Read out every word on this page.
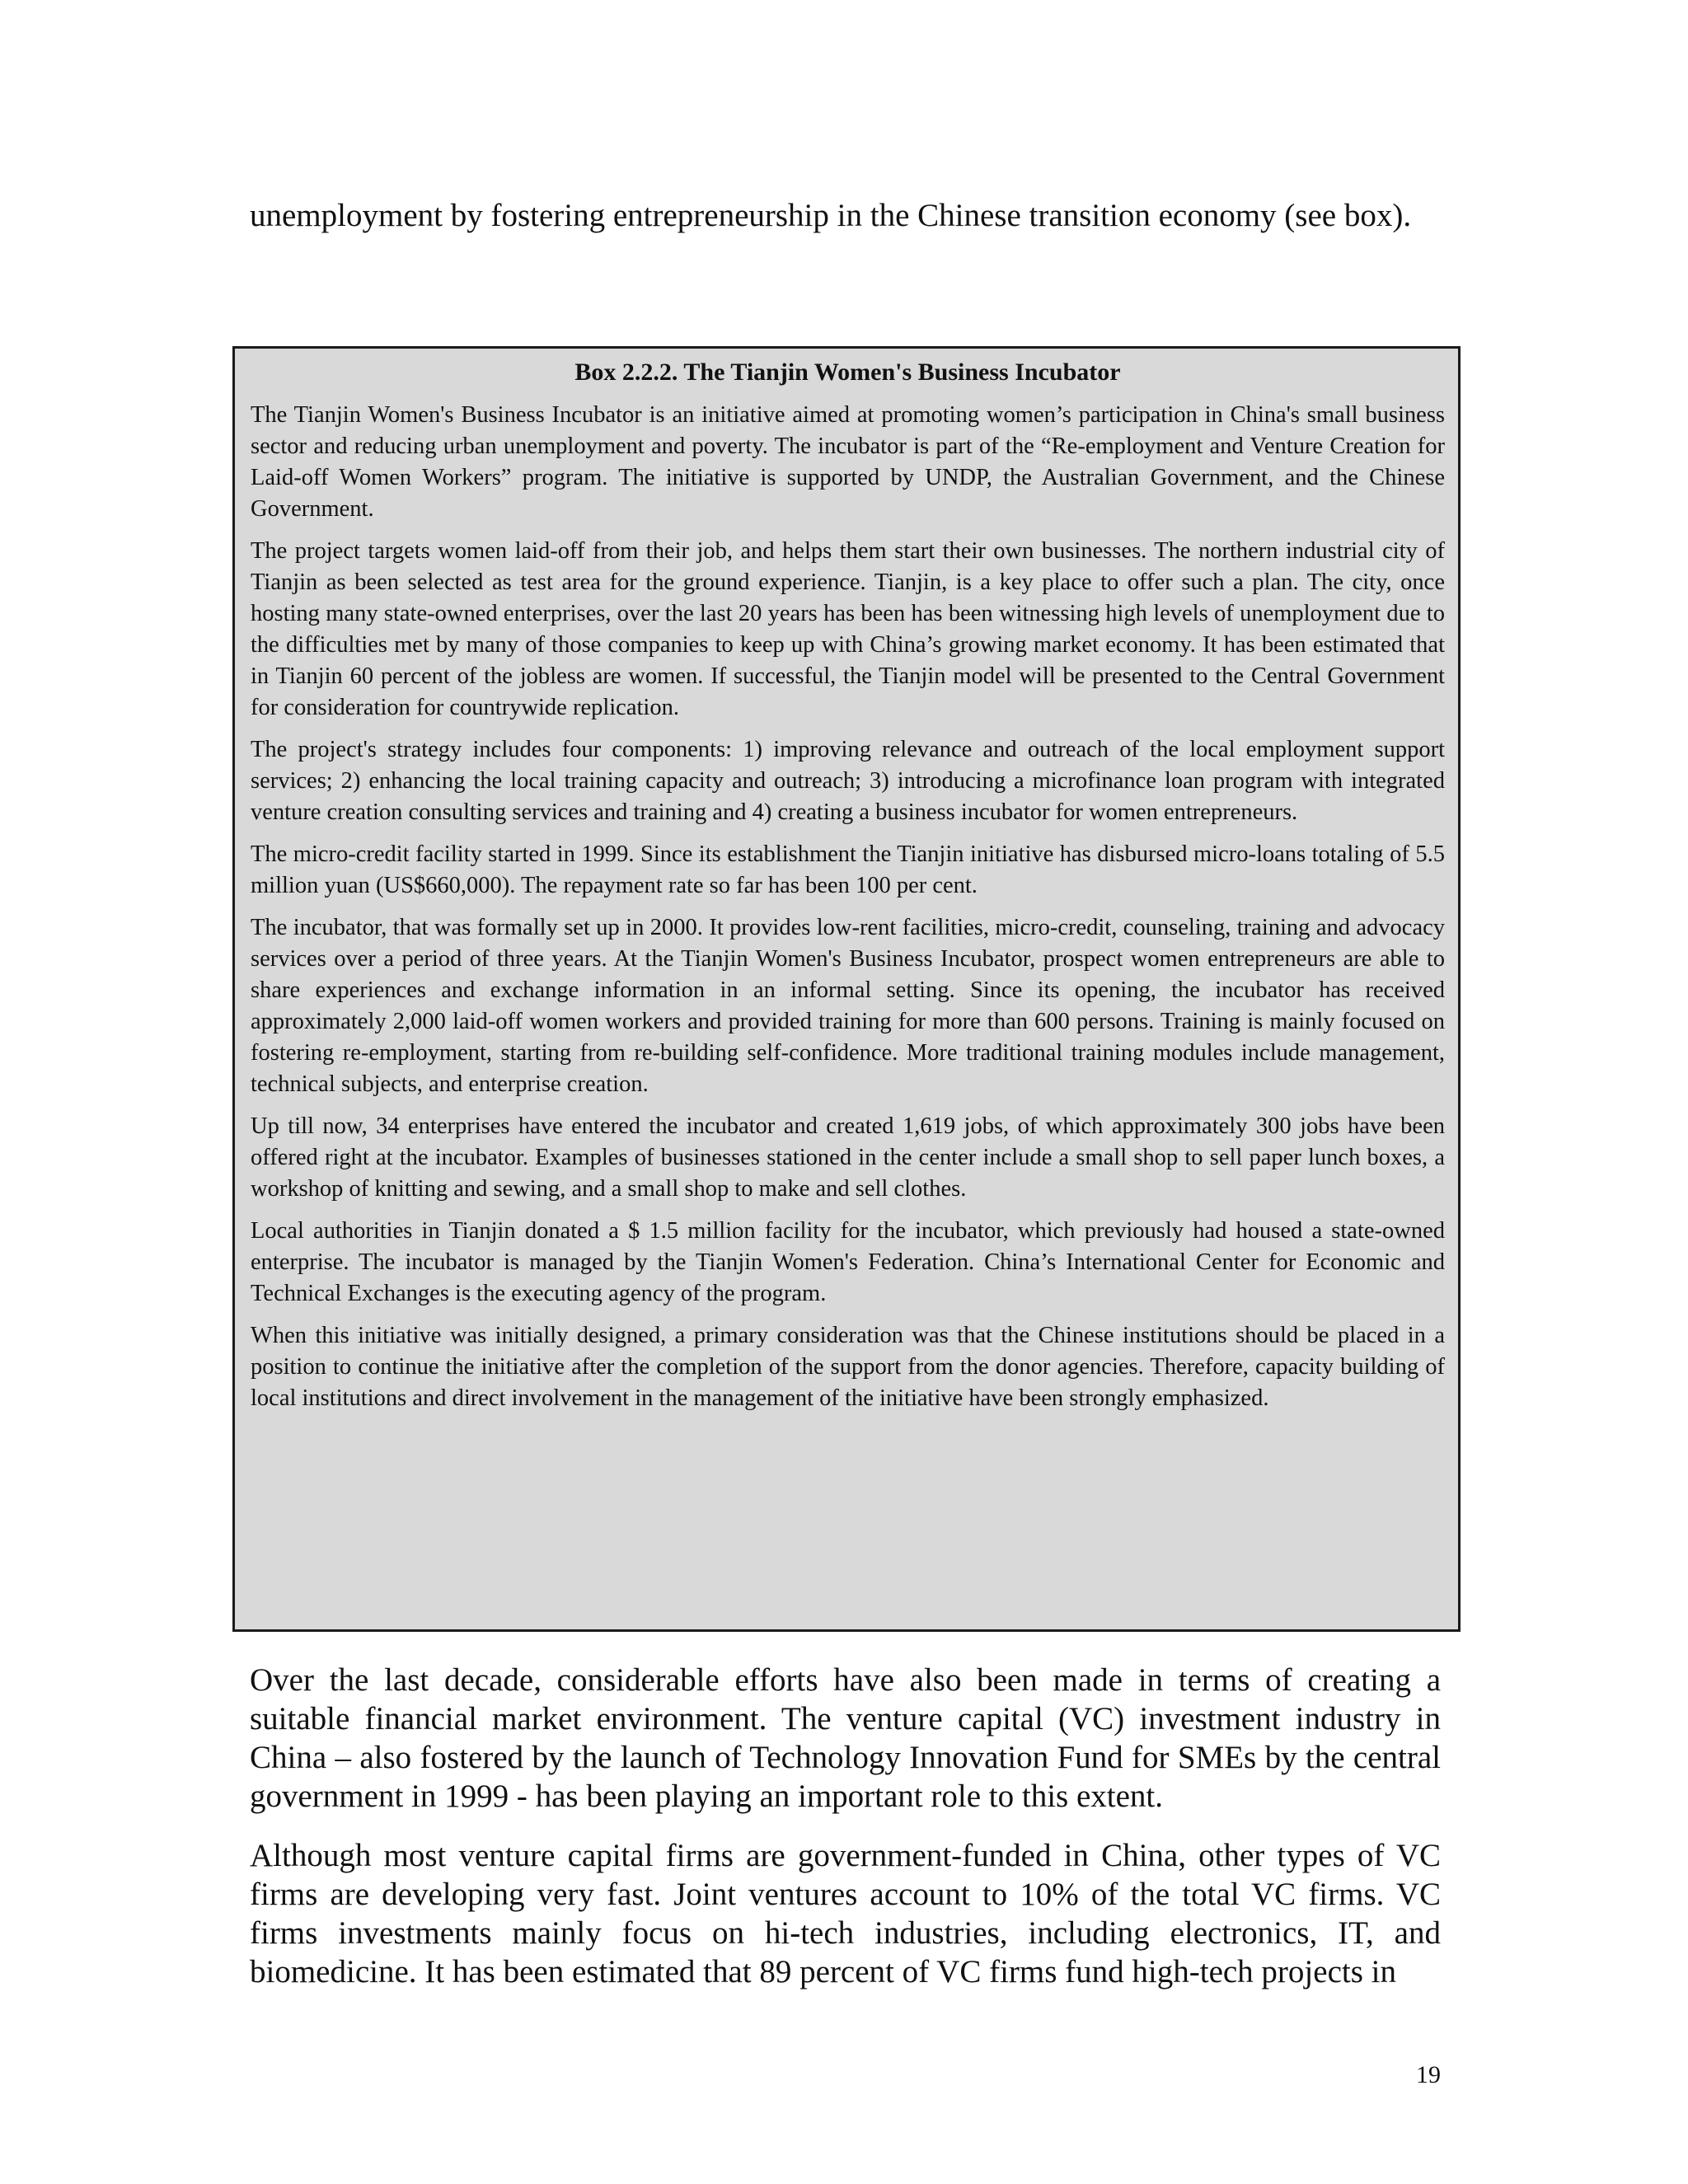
unemployment by fostering entrepreneurship in the Chinese transition economy (see box).

Box 2.2.2. The Tianjin Women's Business Incubator

The Tianjin Women's Business Incubator is an initiative aimed at promoting women’s participation in China's small business sector and reducing urban unemployment and poverty. The incubator is part of the “Re-employment and Venture Creation for Laid-off Women Workers” program. The initiative is supported by UNDP, the Australian Government, and the Chinese Government.

The project targets women laid-off from their job, and helps them start their own businesses. The northern industrial city of Tianjin as been selected as test area for the ground experience. Tianjin, is a key place to offer such a plan. The city, once hosting many state-owned enterprises, over the last 20 years has been has been witnessing high levels of unemployment due to the difficulties met by many of those companies to keep up with China’s growing market economy. It has been estimated that in Tianjin 60 percent of the jobless are women. If successful, the Tianjin model will be presented to the Central Government for consideration for countrywide replication.

The project's strategy includes four components: 1) improving relevance and outreach of the local employment support services; 2) enhancing the local training capacity and outreach; 3) introducing a microfinance loan program with integrated venture creation consulting services and training and 4) creating a business incubator for women entrepreneurs.

The micro-credit facility started in 1999. Since its establishment the Tianjin initiative has disbursed micro-loans totaling of 5.5 million yuan (US$660,000). The repayment rate so far has been 100 per cent.

The incubator, that was formally set up in 2000. It provides low-rent facilities, micro-credit, counseling, training and advocacy services over a period of three years. At the Tianjin Women's Business Incubator, prospect women entrepreneurs are able to share experiences and exchange information in an informal setting. Since its opening, the incubator has received approximately 2,000 laid-off women workers and provided training for more than 600 persons. Training is mainly focused on fostering re-employment, starting from re-building self-confidence. More traditional training modules include management, technical subjects, and enterprise creation.

Up till now, 34 enterprises have entered the incubator and created 1,619 jobs, of which approximately 300 jobs have been offered right at the incubator. Examples of businesses stationed in the center include a small shop to sell paper lunch boxes, a workshop of knitting and sewing, and a small shop to make and sell clothes.

Local authorities in Tianjin donated a $ 1.5 million facility for the incubator, which previously had housed a state-owned enterprise. The incubator is managed by the Tianjin Women's Federation. China’s International Center for Economic and Technical Exchanges is the executing agency of the program.

When this initiative was initially designed, a primary consideration was that the Chinese institutions should be placed in a position to continue the initiative after the completion of the support from the donor agencies. Therefore, capacity building of local institutions and direct involvement in the management of the initiative have been strongly emphasized.

Over the last decade, considerable efforts have also been made in terms of creating a suitable financial market environment. The venture capital (VC) investment industry in China – also fostered by the launch of Technology Innovation Fund for SMEs by the central government in 1999 - has been playing an important role to this extent.

Although most venture capital firms are government-funded in China, other types of VC firms are developing very fast. Joint ventures account to 10% of the total VC firms. VC firms investments mainly focus on hi-tech industries, including electronics, IT, and biomedicine. It has been estimated that 89 percent of VC firms fund high-tech projects in

19
